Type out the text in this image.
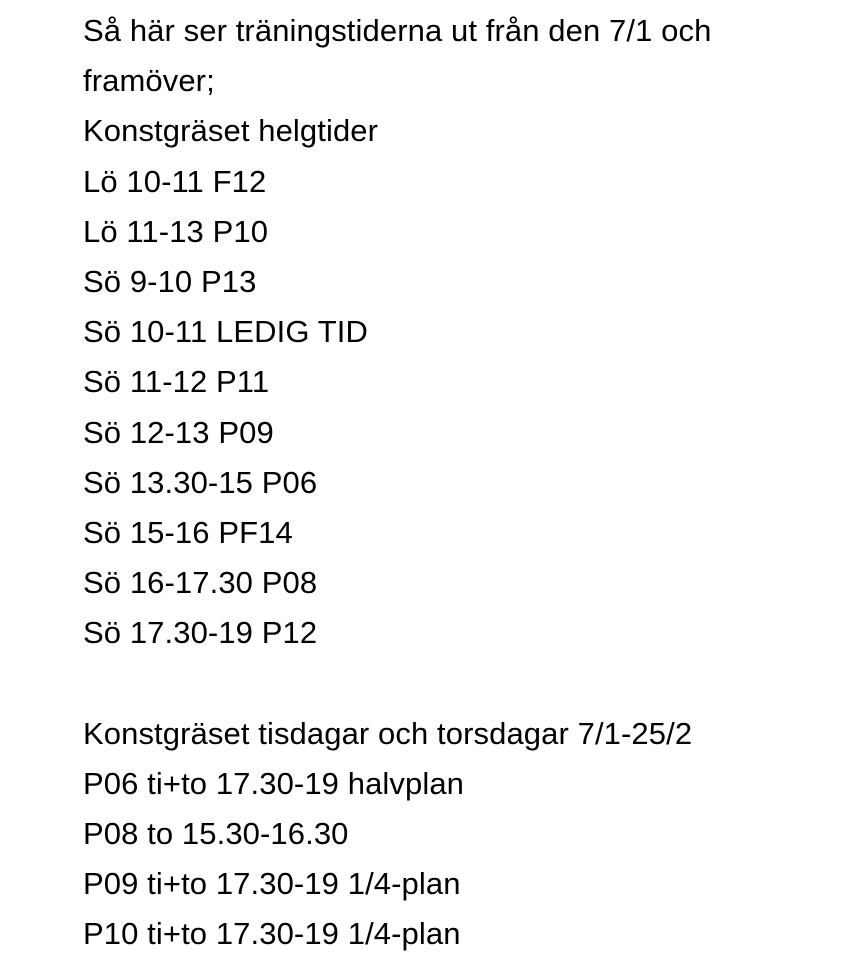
Så här ser träningstiderna ut från den 7/1 och
framöver;
Konstgräset helgtider
Lö 10-11 F12
Lö 11-13 P10
Sö 9-10 P13
Sö 10-11 LEDIG TID
Sö 11-12 P11
Sö 12-13 P09
Sö 13.30-15 P06
Sö 15-16 PF14
Sö 16-17.30 P08
Sö 17.30-19 P12
Konstgräset tisdagar och torsdagar 7/1-25/2
P06 ti+to 17.30-19 halvplan
P08 to 15.30-16.30
P09 ti+to 17.30-19 1/4-plan
P10 ti+to 17.30-19 1/4-plan
